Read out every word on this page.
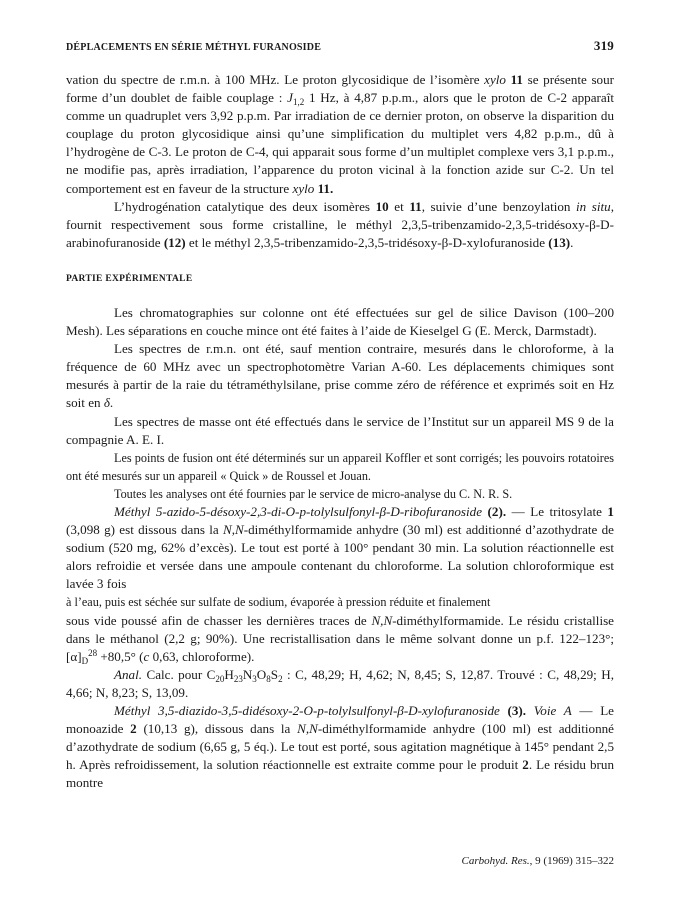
DÉPLACEMENTS EN SÉRIE MÉTHYL FURANOSIDE	319

vation du spectre de r.m.n. à 100 MHz. Le proton glycosidique de l’isomère xylo 11 se présente sour forme d’un doublet de faible couplage : $J_{1,2}$ 1 Hz, à 4,87 p.p.m., alors que le proton de C-2 apparaît comme un quadruplet vers 3,92 p.p.m. Par irradiation de ce dernier proton, on observe la disparition du couplage du proton glycosidique ainsi qu’une simplification du multiplet vers 4,82 p.p.m., dû à l’hydrogène de C-3. Le proton de C-4, qui apparait sous forme d’un multiplet complexe vers 3,1 p.p.m., ne modifie pas, après irradiation, l’apparence du proton vicinal à la fonction azide sur C-2. Un tel comportement est en faveur de la structure xylo 11.

L’hydrogénation catalytique des deux isomères 10 et 11, suivie d’une benzoylation in situ, fournit respectivement sous forme cristalline, le méthyl 2,3,5-tribenzamido-2,3,5-tridésoxy-β-D-arabinofuranoside (12) et le méthyl 2,3,5-tribenzamido-2,3,5-tridésoxy-β-D-xylofuranoside (13).

PARTIE EXPÉRIMENTALE

Les chromatographies sur colonne ont été effectuées sur gel de silice Davison (100–200 Mesh). Les séparations en couche mince ont été faites à l’aide de Kieselgel G (E. Merck, Darmstadt).

Les spectres de r.m.n. ont été, sauf mention contraire, mesurés dans le chloroforme, à la fréquence de 60 MHz avec un spectrophotomètre Varian A-60. Les déplacements chimiques sont mesurés à partir de la raie du tétraméthylsilane, prise comme zéro de référence et exprimés soit en Hz soit en δ.

Les spectres de masse ont été effectués dans le service de l’Institut sur un appareil MS 9 de la compagnie A. E. I.

Les points de fusion ont été déterminés sur un appareil Koffler et sont corrigés; les pouvoirs rotatoires ont été mesurés sur un appareil « Quick » de Roussel et Jouan.

Toutes les analyses ont été fournies par le service de micro-analyse du C. N. R. S.

Méthyl 5-azido-5-désoxy-2,3-di-O-p-tolylsulfonyl-β-D-ribofuranoside (2). — Le tritosylate 1 (3,098 g) est dissous dans la N,N-diméthylformamide anhydre (30 ml) est additionné d’azothydrate de sodium (520 mg, 62% d’excès). Le tout est porté à 100° pendant 30 min. La solution réactionnelle est alors refroidie et versée dans une ampoule contenant du chloroforme. La solution chloroformique est lavée 3 fois

à l’eau, puis est séchée sur sulfate de sodium, évaporée à pression réduite et finalement

sous vide poussé afin de chasser les dernières traces de N,N-diméthylformamide. Le résidu cristallise dans le méthanol (2,2 g; 90%). Une recristallisation dans le même solvant donne un p.f. 122–123°; $[\alpha]_D^{28} +80,5^\circ$ (c 0,63, chloroforme).

Anal. Calc. pour $C_{20}H_{23}N_3O_8S_2$ : C, 48,29; H, 4,62; N, 8,45; S, 12,87. Trouvé : C, 48,29; H, 4,66; N, 8,23; S, 13,09.

Méthyl 3,5-diazido-3,5-didésoxy-2-O-p-tolylsulfonyl-β-D-xylofuranoside (3). Voie A — Le monoazide 2 (10,13 g), dissous dans la N,N-diméthylformamide anhydre (100 ml) est additionné d’azothydrate de sodium (6,65 g, 5 éq.). Le tout est porté, sous agitation magnétique à 145° pendant 2,5 h. Après refroidissement, la solution réactionnelle est extraite comme pour le produit 2. Le résidu brun montre

Carbohyd. Res., 9 (1969) 315–322
